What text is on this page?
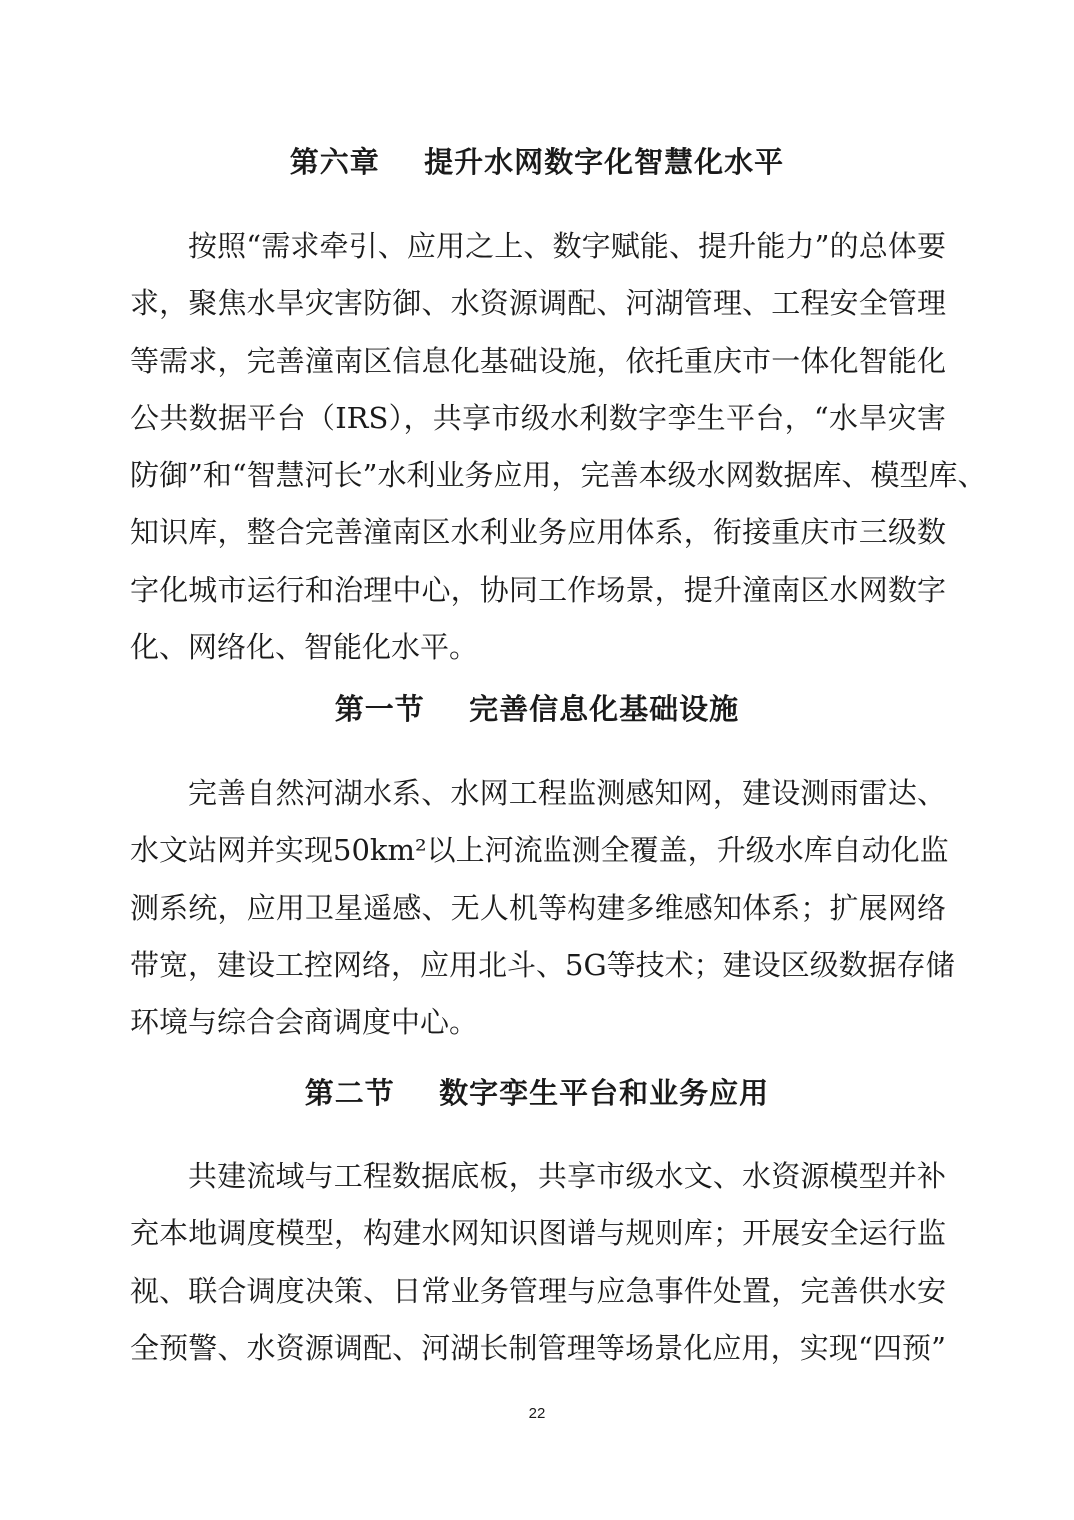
第六章    提升水网数字化智慧化水平
按照“需求牵引、应用之上、数字赋能、提升能力”的总体要
求，聚焦水旱灾害防御、水资源调配、河湖管理、工程安全管理
等需求，完善潼南区信息化基础设施，依托重庆市一体化智能化
公共数据平台（IRS），共享市级水利数字孪生平台，“水旱灾害
防御”和“智慧河长”水利业务应用，完善本级水网数据库、模型库、
知识库，整合完善潼南区水利业务应用体系，衔接重庆市三级数
字化城市运行和治理中心，协同工作场景，提升潼南区水网数字
化、网络化、智能化水平。
第一节    完善信息化基础设施
完善自然河湖水系、水网工程监测感知网，建设测雨雷达、
水文站网并实现50km²以上河流监测全覆盖，升级水库自动化监
测系统，应用卫星遥感、无人机等构建多维感知体系；扩展网络
带宽，建设工控网络，应用北斗、5G等技术；建设区级数据存储
环境与综合会商调度中心。
第二节    数字孪生平台和业务应用
共建流域与工程数据底板，共享市级水文、水资源模型并补
充本地调度模型，构建水网知识图谱与规则库；开展安全运行监
视、联合调度决策、日常业务管理与应急事件处置，完善供水安
全预警、水资源调配、河湖长制管理等场景化应用，实现“四预”
22
